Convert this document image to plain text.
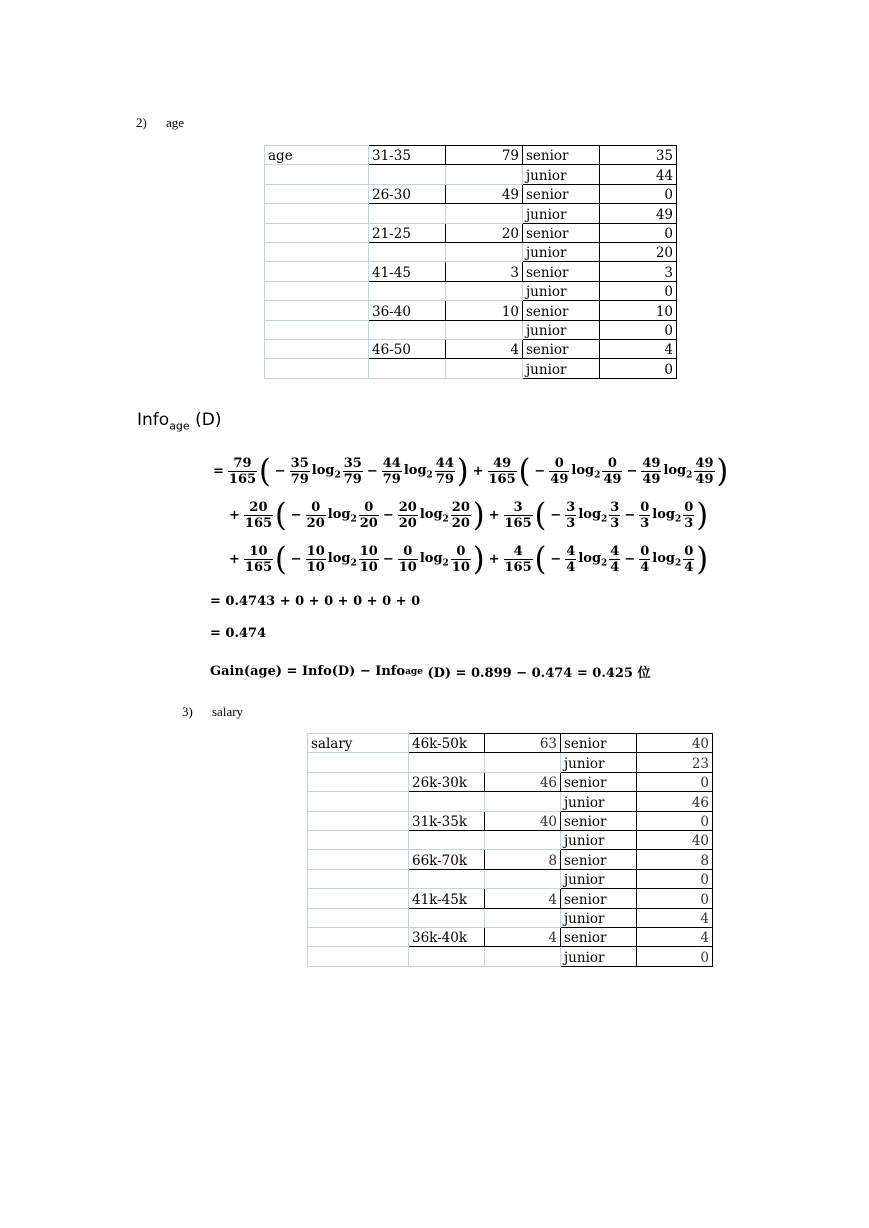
2) age
age	31-35	79	senior	35
			junior	44
	26-30	49	senior	0
			junior	49
	21-25	20	senior	0
			junior	20
	41-45	3	senior	3
			junior	0
	36-40	10	senior	10
			junior	0
	46-50	4	senior	4
			junior	0
Info$_{age}$ (D)
= $\frac{79}{165}$ ( − $\frac{35}{79} \log_2 \frac{35}{79} - \frac{44}{79} \log_2 \frac{44}{79}$ ) + $\frac{49}{165}$ ( − $\frac{0}{49} \log_2 \frac{0}{49} - \frac{49}{49} \log_2 \frac{49}{49}$ )
+ $\frac{20}{165}$ ( − $\frac{0}{20} \log_2 \frac{0}{20} - \frac{20}{20} \log_2 \frac{20}{20}$ ) + $\frac{3}{165}$ ( − $\frac{3}{3} \log_2 \frac{3}{3} - \frac{0}{3} \log_2 \frac{0}{3}$ )
+ $\frac{10}{165}$ ( − $\frac{10}{10} \log_2 \frac{10}{10} - \frac{0}{10} \log_2 \frac{0}{10}$ ) + $\frac{4}{165}$ ( − $\frac{4}{4} \log_2 \frac{4}{4} - \frac{0}{4} \log_2 \frac{0}{4}$ )
= 0.4743 + 0 + 0 + 0 + 0 + 0
= 0.474
Gain(age) = Info(D) − Info age (D) = 0.899 − 0.474 = 0.425 位
3) salary
salary	46k-50k	63	senior	40
			junior	23
	26k-30k	46	senior	0
			junior	46
	31k-35k	40	senior	0
			junior	40
	66k-70k	8	senior	8
			junior	0
	41k-45k	4	senior	0
			junior	4
	36k-40k	4	senior	4
			junior	0
